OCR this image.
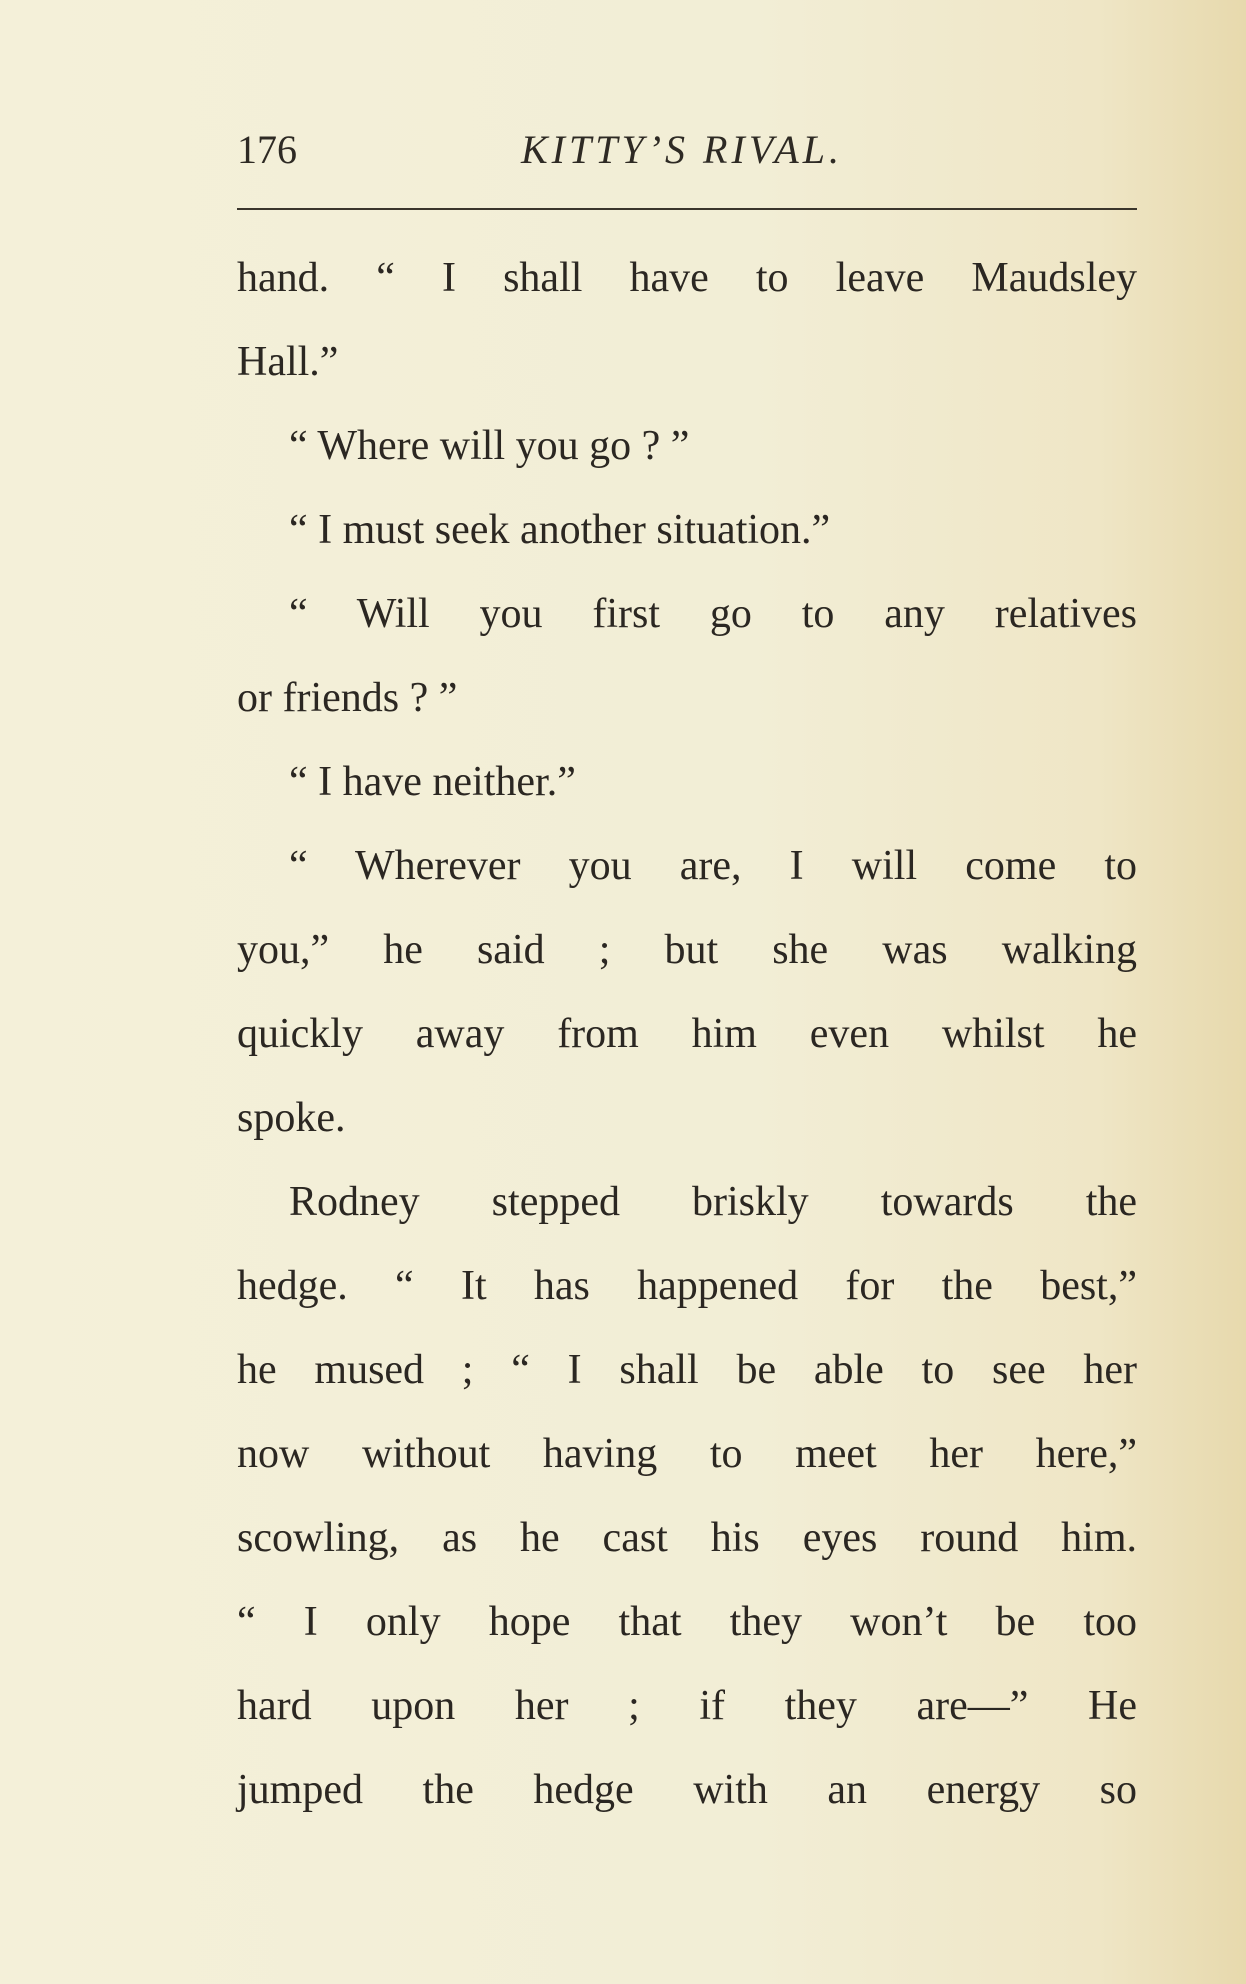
176	KITTY’S RIVAL.
hand. “ I shall have to leave Maudsley
Hall.”
“ Where will you go ? ”
“ I must seek another situation.”
“ Will you first go to any relatives
or friends ? ”
“ I have neither.”
“ Wherever you are, I will come to
you,” he said ; but she was walking
quickly away from him even whilst he
spoke.
Rodney stepped briskly towards the
hedge. “ It has happened for the best,”
he mused ; “ I shall be able to see her
now without having to meet her here,”
scowling, as he cast his eyes round him.
“ I only hope that they won’t be too
hard upon her ; if they are—” He
jumped the hedge with an energy so
